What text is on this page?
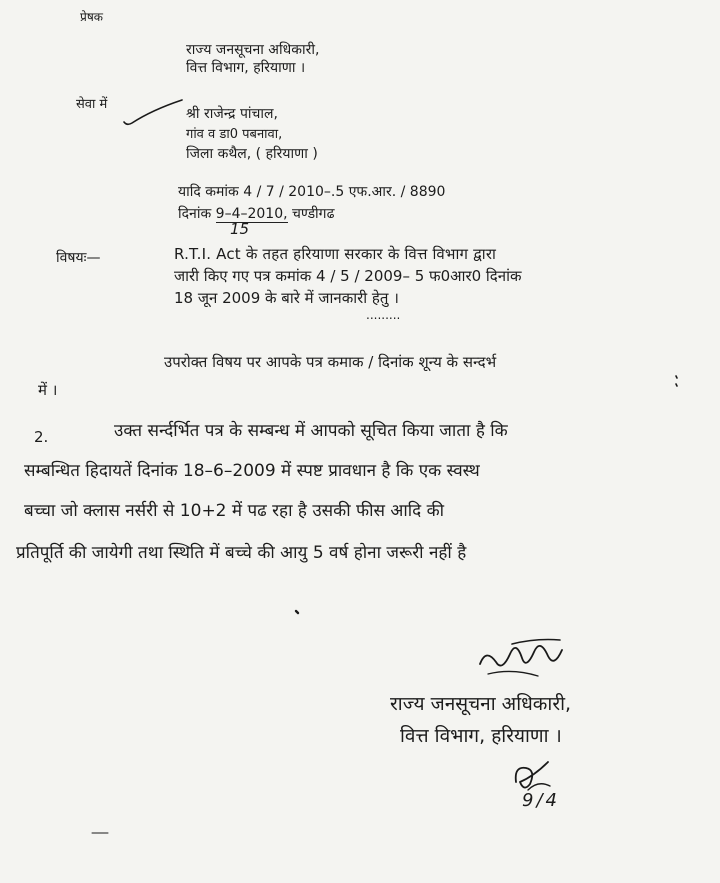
प्रेषक
राज्य जनसूचना अधिकारी,
वित्त विभाग, हरियाणा ।
सेवा में
श्री राजेन्द्र पांचाल,
गांव व डा0 पबनावा,
जिला कथैल, ( हरियाणा )
यादि कमांक 4 / 7 / 2010–.5 एफ.आर. / 8890
दिनांक 9–4–2010, चण्डीगढ
15
विषयः—	R.T.I. Act के तहत हरियाणा सरकार के वित्त विभाग द्वारा
जारी किए गए पत्र कमांक 4 / 5 / 2009– 5 फ0आर0 दिनांक
18 जून 2009 के बारे में जानकारी हेतु ।
.........
उपरोक्त विषय पर आपके पत्र कमाक / दिनांक शून्य के सन्दर्भ
में ।
2.	उक्त सर्न्दर्भित पत्र के सम्बन्ध में आपको सूचित किया जाता है कि
सम्बन्धित हिदायतें दिनांक 18–6–2009 में स्पष्ट प्रावधान है कि एक स्वस्थ
बच्चा जो क्लास नर्सरी से 10+2 में पढ रहा है उसकी फीस आदि की
प्रतिपूर्ति की जायेगी तथा स्थिति में बच्चे की आयु 5 वर्ष होना जरूरी नहीं है
राज्य जनसूचना अधिकारी,
वित्त विभाग, हरियाणा ।
9/4
